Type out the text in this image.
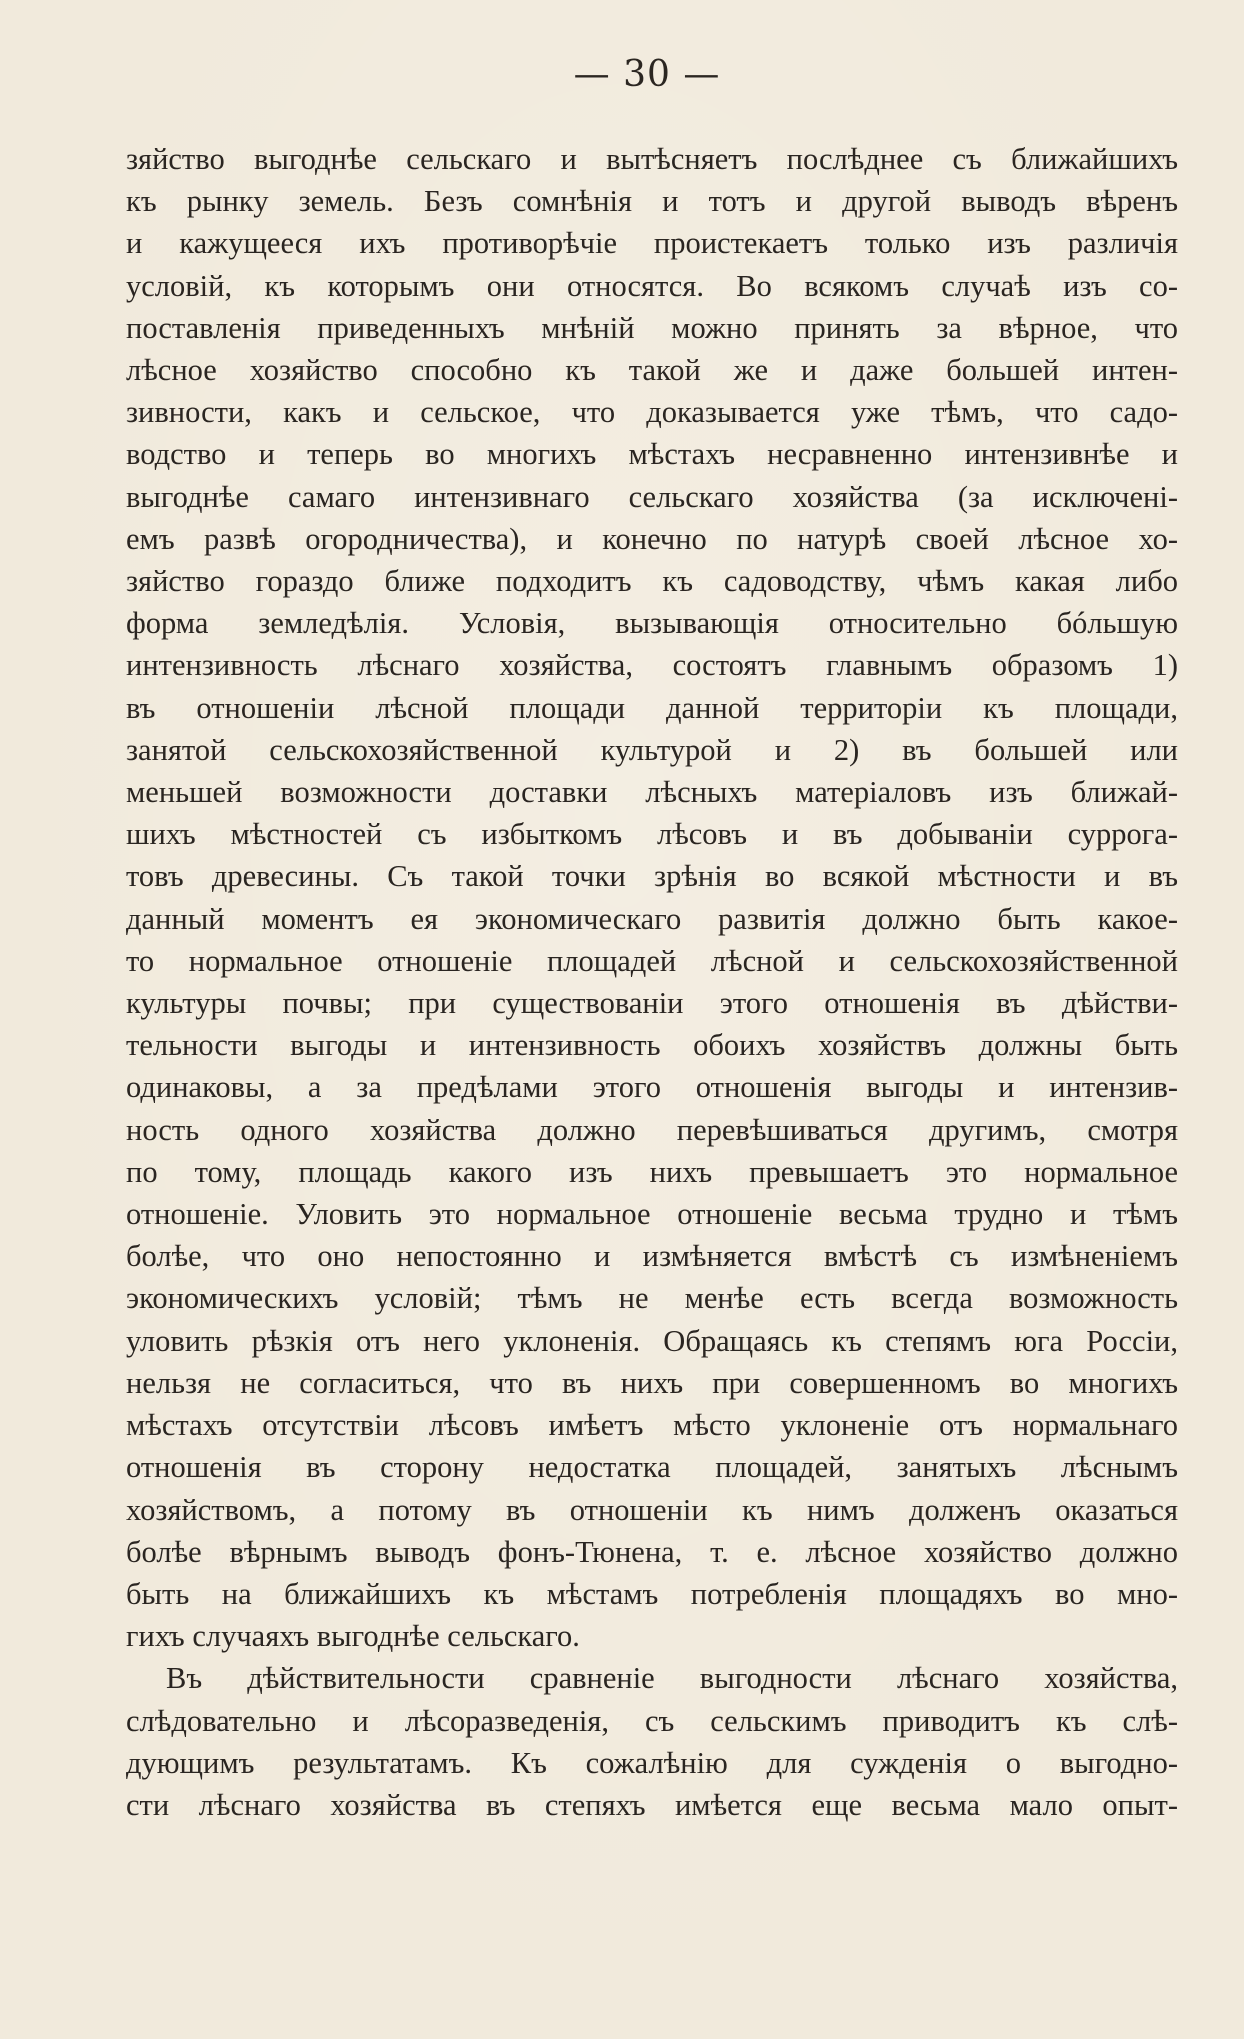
— 30 —
зяйство выгоднѣе сельскаго и вытѣсняетъ послѣднее съ ближайшихъ
къ рынку земель. Безъ сомнѣнія и тотъ и другой выводъ вѣренъ
и кажущееся ихъ противорѣчіе проистекаетъ только изъ различія
условій, къ которымъ они относятся. Во всякомъ случаѣ изъ со-
поставленія приведенныхъ мнѣній можно принять за вѣрное, что
лѣсное хозяйство способно къ такой же и даже большей интен-
зивности, какъ и сельское, что доказывается уже тѣмъ, что садо-
водство и теперь во многихъ мѣстахъ несравненно интензивнѣе и
выгоднѣе самаго интензивнаго сельскаго хозяйства (за исключені-
емъ развѣ огородничества), и конечно по натурѣ своей лѣсное хо-
зяйство гораздо ближе подходитъ къ садоводству, чѣмъ какая либо
форма земледѣлія. Условія, вызывающія относительно бóльшую
интензивность лѣснаго хозяйства, состоятъ главнымъ образомъ 1)
въ отношеніи лѣсной площади данной территоріи къ площади,
занятой сельскохозяйственной культурой и 2) въ большей или
меньшей возможности доставки лѣсныхъ матеріаловъ изъ ближай-
шихъ мѣстностей съ избыткомъ лѣсовъ и въ добываніи суррога-
товъ древесины. Съ такой точки зрѣнія во всякой мѣстности и въ
данный моментъ ея экономическаго развитія должно быть какое-
то нормальное отношеніе площадей лѣсной и сельскохозяйственной
культуры почвы; при существованіи этого отношенія въ дѣйстви-
тельности выгоды и интензивность обоихъ хозяйствъ должны быть
одинаковы, а за предѣлами этого отношенія выгоды и интензив-
ность одного хозяйства должно перевѣшиваться другимъ, смотря
по тому, площадь какого изъ нихъ превышаетъ это нормальное
отношеніе. Уловить это нормальное отношеніе весьма трудно и тѣмъ
болѣе, что оно непостоянно и измѣняется вмѣстѣ съ измѣненіемъ
экономическихъ условій; тѣмъ не менѣе есть всегда возможность
уловить рѣзкія отъ него уклоненія. Обращаясь къ степямъ юга Россіи,
нельзя не согласиться, что въ нихъ при совершенномъ во многихъ
мѣстахъ отсутствіи лѣсовъ имѣетъ мѣсто уклоненіе отъ нормальнаго
отношенія въ сторону недостатка площадей, занятыхъ лѣснымъ
хозяйствомъ, а потому въ отношеніи къ нимъ долженъ оказаться
болѣе вѣрнымъ выводъ фонъ-Тюнена, т. е. лѣсное хозяйство должно
быть на ближайшихъ къ мѣстамъ потребленія площадяхъ во мно-
гихъ случаяхъ выгоднѣе сельскаго.
Въ дѣйствительности сравненіе выгодности лѣснаго хозяйства,
слѣдовательно и лѣсоразведенія, съ сельскимъ приводитъ къ слѣ-
дующимъ результатамъ. Къ сожалѣнію для сужденія о выгодно-
сти лѣснаго хозяйства въ степяхъ имѣется еще весьма мало опыт-
